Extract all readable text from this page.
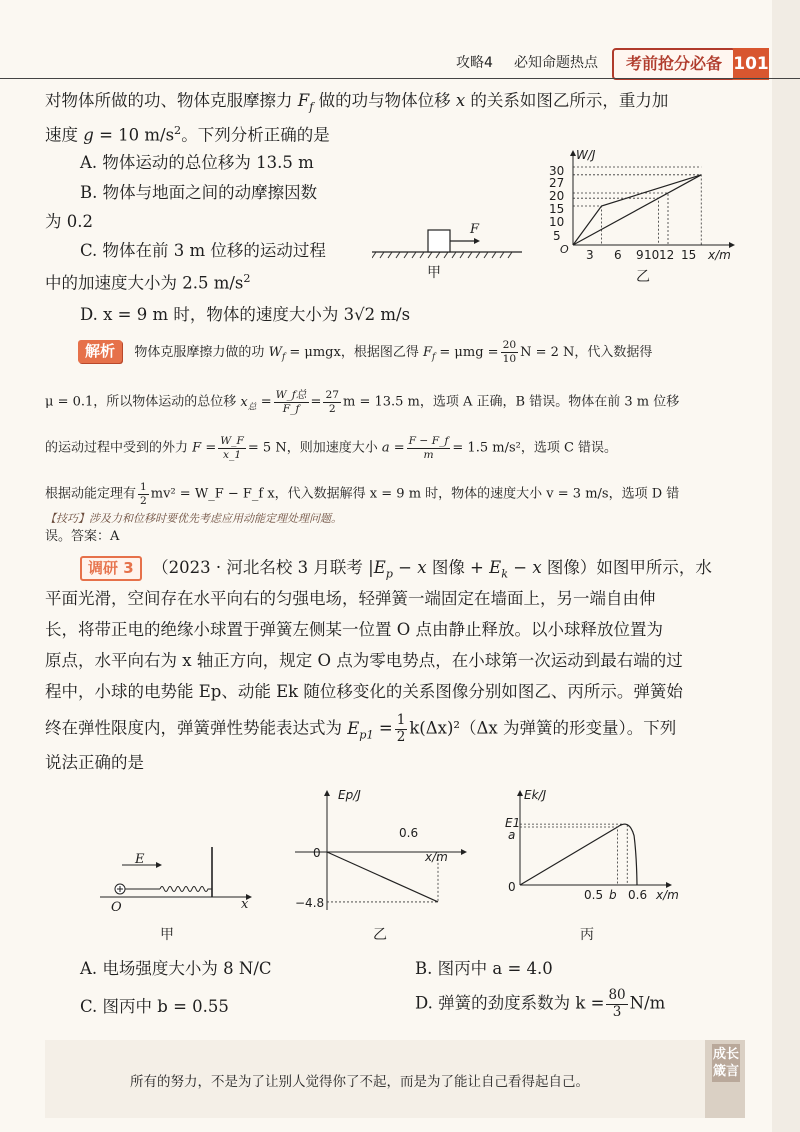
攻略4 必知命题热点	考前抢分必备 101
对物体所做的功、物体克服摩擦力 $F_f$ 做的功与物体位移 x 的关系如图乙所示，重力加
速度 g = 10 $m/s^2$。下列分析正确的是
A. 物体运动的总位移为 13.5 m
B. 物体与地面之间的动摩擦因数
为 0.2
C. 物体在前 3 m 位移的运动过程
中的加速度大小为 2.5 $m/s^2$
D. x = 9 m 时，物体的速度大小为 3√2 m/s
F
甲
W/J
x/m
30
27
20
15
10
5
3 6 9 10 12 15
O
乙
解析 物体克服摩擦力做的功 $W_f = \mu mgx$，根据图乙得 $F_f = \mu mg = \frac{20}{10}$ N = 2 N，代入数据得
μ = 0.1，所以物体运动的总位移 $x_总 = \frac{\text{W\_f总}}{F\_f} = \frac{27}{2}$ m = 13.5 m，选项 A 正确，B 错误。物体在前 3 m 位移
的运动过程中受到的外力 $F = \frac{W\_F}{x\_1} = 5$ N，则加速度大小 $a = \frac{F - F\_f}{m} = 1.5$ m/s²，选项 C 错误。
根据动能定理有 $\frac{1}{2} mv^2$ = W_F − F_f x，代入数据解得 x = 9 m 时，物体的速度大小 v = 3 m/s，选项 D 错
【技巧】涉及力和位移时要优先考虑应用动能定理处理问题。
误。答案：A
调研 3 （2023 · 河北名校 3 月联考 $|E_p - x$ 图像 + $E_k - x$ 图像）如图甲所示，水
平面光滑，空间存在水平向右的匀强电场，轻弹簧一端固定在墙面上，另一端自由伸
长，将带正电的绝缘小球置于弹簧左侧某一位置 O 点由静止释放。以小球释放位置为
原点，水平向右为 x 轴正方向，规定 O 点为零电势点，在小球第一次运动到最右端的过
程中，小球的电势能 Ep、动能 Ek 随位移变化的关系图像分别如图乙、丙所示。弹簧始
终在弹性限度内，弹簧弹性势能表达式为 $E_{p1} = \frac{1}{2} k(\Delta x)^2(\Delta x$ 为弹簧的形变量）。下列
说法正确的是
E
x
O
甲
Ep/J
0.6
x/m
0
−4.8
乙
Ek/J
E1
a
0
0.5 b 0.6 x/m
丙
A. 电场强度大小为 8 N/C	B. 图丙中 a = 4.0
C. 图丙中 b = 0.55	D. 弹簧的劲度系数为 $k = \frac{80}{3} N/m$
所有的努力，不是为了让别人觉得你了不起，而是为了能让自己看得起自己。
成长箴言
